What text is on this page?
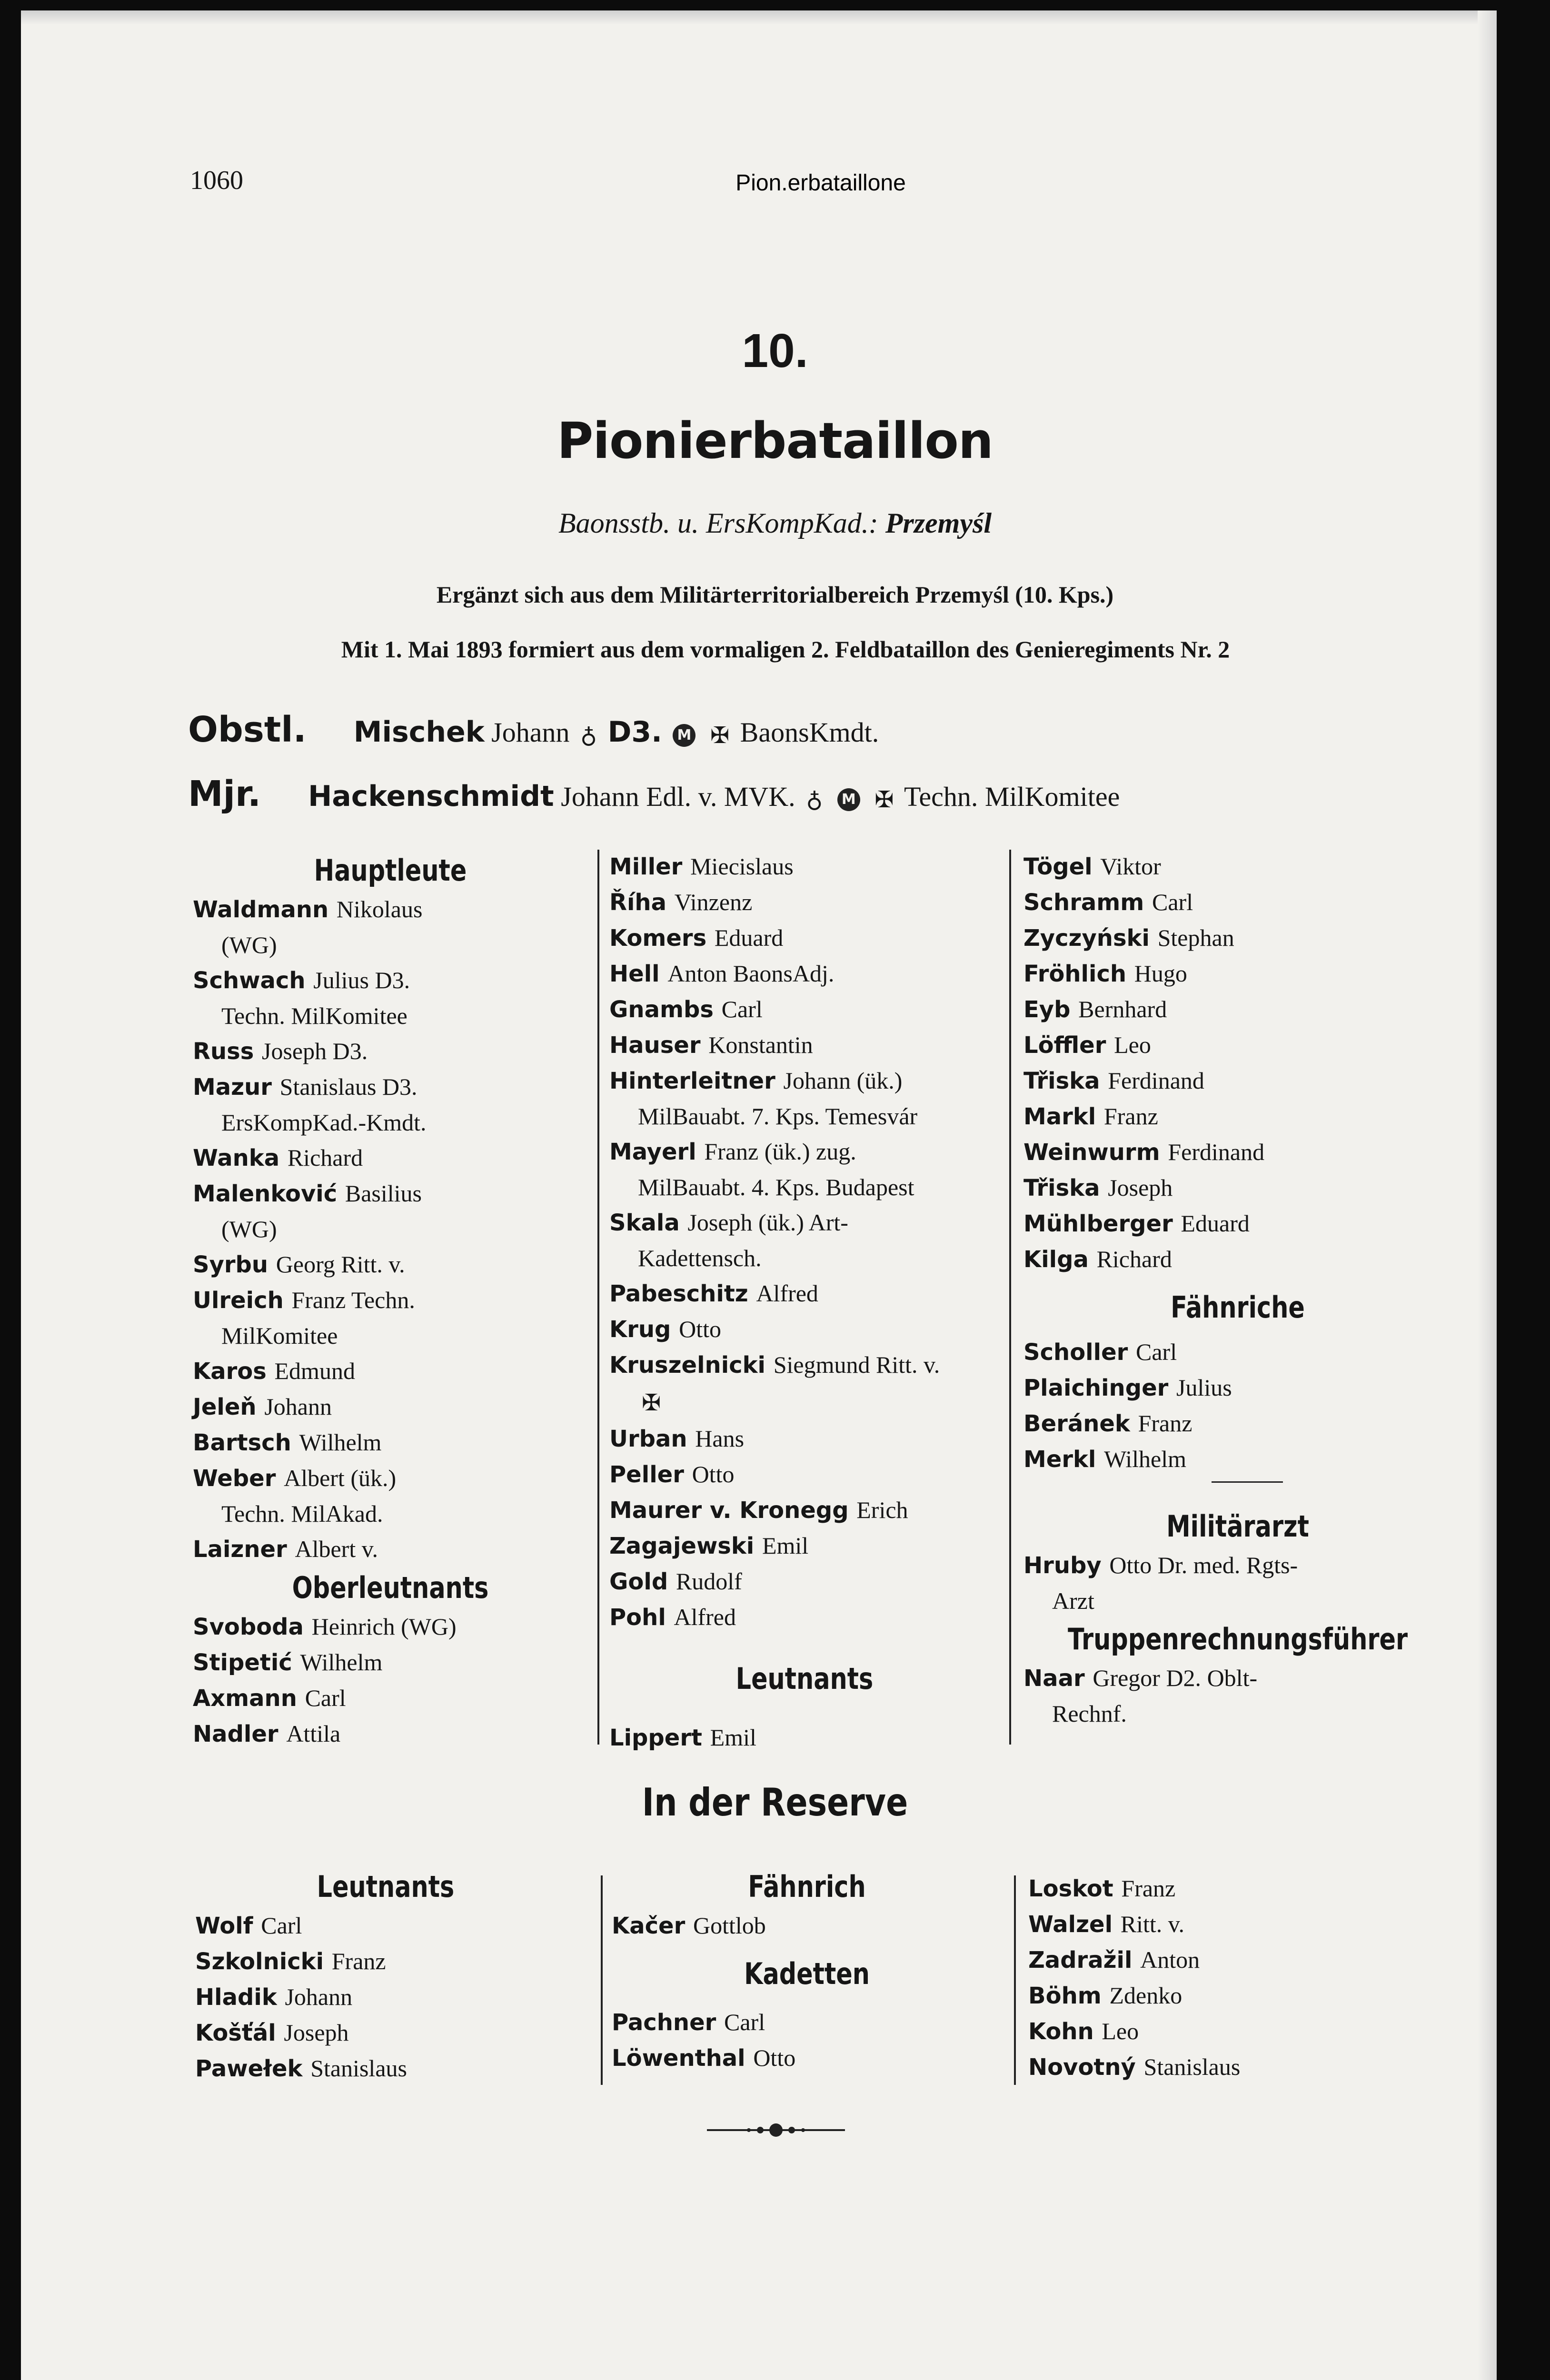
1060	Pion.erbataillone
10.
Pionierbataillon
Baonsstb. u. ErsKompKad.: Przemyśl
Ergänzt sich aus dem Militärterritorialbereich Przemyśl (10. Kps.)
Mit 1. Mai 1893 formiert aus dem vormaligen 2. Feldbataillon des Genieregiments Nr. 2
Obstl. Mischek Johann ♁ D3. M ✠ BaonsKmdt.
Mjr. Hackenschmidt Johann Edl. v. MVK. ♁ M ✠ Techn. MilKomitee
Hauptleute
Waldmann Nikolaus
(WG)
Schwach Julius D3.
Techn. MilKomitee
Russ Joseph D3.
Mazur Stanislaus D3.
ErsKompKad.-Kmdt.
Wanka Richard
Malenković Basilius
(WG)
Syrbu Georg Ritt. v.
Ulreich Franz Techn.
MilKomitee
Karos Edmund
Jeleň Johann
Bartsch Wilhelm
Weber Albert (ük.)
Techn. MilAkad.
Laizner Albert v.
Oberleutnants
Svoboda Heinrich (WG)
Stipetić Wilhelm
Axmann Carl
Nadler Attila
Miller Miecislaus
Říha Vinzenz
Komers Eduard
Hell Anton BaonsAdj.
Gnambs Carl
Hauser Konstantin
Hinterleitner Johann (ük.)
MilBauabt. 7. Kps. Temesvár
Mayerl Franz (ük.) zug.
MilBauabt. 4. Kps. Budapest
Skala Joseph (ük.) Art-
Kadettensch.
Pabeschitz Alfred
Krug Otto
Kruszelnicki Siegmund Ritt. v.
✠
Urban Hans
Peller Otto
Maurer v. Kronegg Erich
Zagajewski Emil
Gold Rudolf
Pohl Alfred
Leutnants
Lippert Emil
Tögel Viktor
Schramm Carl
Zyczyński Stephan
Fröhlich Hugo
Eyb Bernhard
Löffler Leo
Třiska Ferdinand
Markl Franz
Weinwurm Ferdinand
Třiska Joseph
Mühlberger Eduard
Kilga Richard
Fähnriche
Scholler Carl
Plaichinger Julius
Beránek Franz
Merkl Wilhelm
Militärarzt
Hruby Otto Dr. med. Rgts-
Arzt
Truppenrechnungsführer
Naar Gregor D2. Oblt-
Rechnf.
In der Reserve
Leutnants
Wolf Carl
Szkolnicki Franz
Hladik Johann
Košťál Joseph
Pawełek Stanislaus
Fähnrich
Kačer Gottlob
Kadetten
Pachner Carl
Löwenthal Otto
Loskot Franz
Walzel Ritt. v.
Zadražil Anton
Böhm Zdenko
Kohn Leo
Novotný Stanislaus
